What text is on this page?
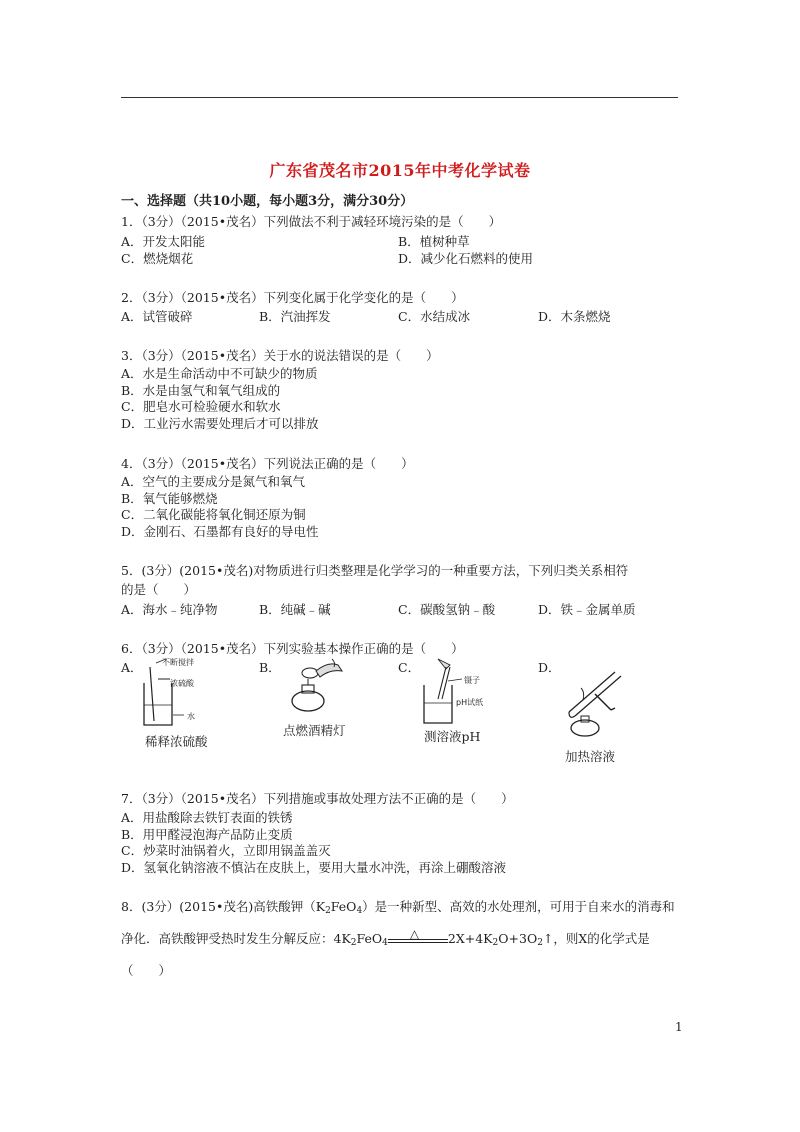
广东省茂名市2015年中考化学试卷
一、选择题（共10小题，每小题3分，满分30分）
1．（3分）（2015•茂名）下列做法不利于减轻环境污染的是（　　）
A．开发太阳能	B．植树种草
C．燃烧烟花	D．减少化石燃料的使用
2．（3分）（2015•茂名）下列变化属于化学变化的是（　　）
A．试管破碎	B．汽油挥发	C．水结成冰	D．木条燃烧
3．（3分）（2015•茂名）关于水的说法错误的是（　　）
A．水是生命活动中不可缺少的物质
B．水是由氢气和氧气组成的
C．肥皂水可检验硬水和软水
D．工业污水需要处理后才可以排放
4．（3分）（2015•茂名）下列说法正确的是（　　）
A．空气的主要成分是氮气和氧气
B．氧气能够燃烧
C．二氧化碳能将氧化铜还原为铜
D．金刚石、石墨都有良好的导电性
5．(3分）(2015•茂名)对物质进行归类整理是化学学习的一种重要方法，下列归类关系相符
的是（　　）
A．海水﹣纯净物	B．纯碱﹣碱	C．碳酸氢钠﹣酸	D．铁﹣金属单质
6．（3分）（2015•茂名）下列实验基本操作正确的是（　　）
A．	B．	C．	D．
不断搅拌
浓硫酸
水
稀释浓硫酸
点燃酒精灯
镊子
pH试纸
测溶液pH
加热溶液
7．（3分）（2015•茂名）下列措施或事故处理方法不正确的是（　　）
A．用盐酸除去铁钉表面的铁锈
B．用甲醛浸泡海产品防止变质
C．炒菜时油锅着火，立即用锅盖盖灭
D．氢氧化钠溶液不慎沾在皮肤上，要用大量水冲洗，再涂上硼酸溶液
8．(3分）(2015•茂名)高铁酸钾$(K_2FeO_4)$是一种新型、高效的水处理剂，可用于自来水的消毒和净化．高铁酸钾受热时发生分解反应：$4K_2FeO_4$
△ $2X+4K_2O+3O_2↑$，则X的化学式是（　　）
1
